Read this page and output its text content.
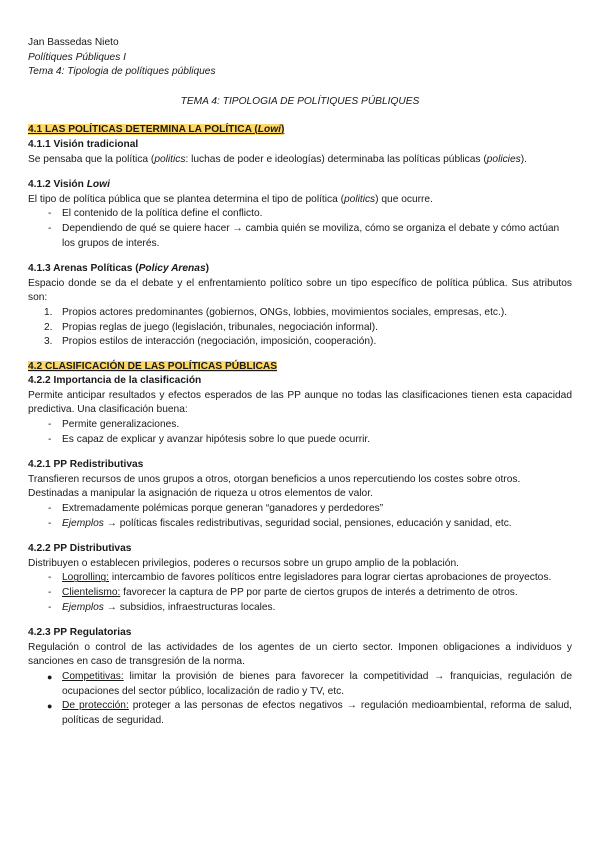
Jan Bassedas Nieto
Polítiques Públiques I
Tema 4: Tipologia de polítiques públiques
TEMA 4: TIPOLOGIA DE POLÍTIQUES PÚBLIQUES
4.1 LAS POLÍTICAS DETERMINA LA POLÍTICA (Lowi)
4.1.1 Visión tradicional

Se pensaba que la política (politics: luchas de poder e ideologías) determinaba las políticas públicas (policies).

4.1.2 Visión Lowi

El tipo de política pública que se plantea determina el tipo de política (politics) que ocurre.

- El contenido de la política define el conflicto.
- Dependiendo de qué se quiere hacer → cambia quién se moviliza, cómo se organiza el debate y cómo actúan los grupos de interés.
4.1.3 Arenas Políticas (Policy Arenas)

Espacio donde se da el debate y el enfrentamiento político sobre un tipo específico de política pública. Sus atributos son:

1. Propios actores predominantes (gobiernos, ONGs, lobbies, movimientos sociales, empresas, etc.).
2. Propias reglas de juego (legislación, tribunales, negociación informal).
3. Propios estilos de interacción (negociación, imposición, cooperación).
4.2 CLASIFICACIÓN DE LAS POLÍTICAS PÚBLICAS
4.2.2 Importancia de la clasificación

Permite anticipar resultados y efectos esperados de las PP aunque no todas las clasificaciones tienen esta capacidad predictiva. Una clasificación buena:

- Permite generalizaciones.
- Es capaz de explicar y avanzar hipótesis sobre lo que puede ocurrir.
4.2.1 PP Redistributivas

Transfieren recursos de unos grupos a otros, otorgan beneficios a unos repercutiendo los costes sobre otros. Destinadas a manipular la asignación de riqueza u otros elementos de valor.

- Extremadamente polémicas porque generan “ganadores y perdedores”
- Ejemplos → políticas fiscales redistributivas, seguridad social, pensiones, educación y sanidad, etc.
4.2.2 PP Distributivas

Distribuyen o establecen privilegios, poderes o recursos sobre un grupo amplio de la población.

- Logrolling: intercambio de favores políticos entre legisladores para lograr ciertas aprobaciones de proyectos.
- Clientelismo: favorecer la captura de PP por parte de ciertos grupos de interés a detrimento de otros.
- Ejemplos → subsidios, infraestructuras locales.
4.2.3 PP Regulatorias

Regulación o control de las actividades de los agentes de un cierto sector. Imponen obligaciones a individuos y sanciones en caso de transgresión de la norma.

● Competitivas: limitar la provisión de bienes para favorecer la competitividad → franquicias, regulación de ocupaciones del sector público, localización de radio y TV, etc.
● De protección: proteger a las personas de efectos negativos → regulación medioambiental, reforma de salud, políticas de seguridad.
